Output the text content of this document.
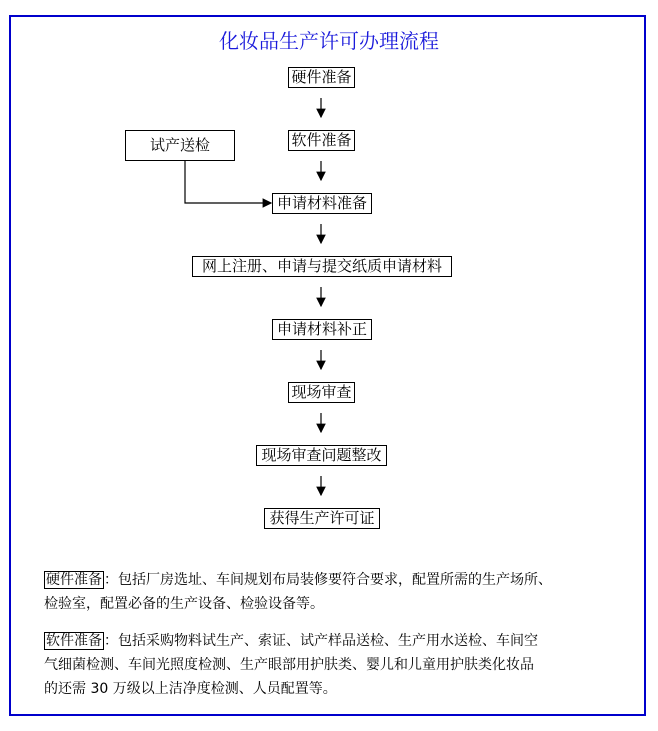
化妆品生产许可办理流程
硬件准备
软件准备
申请材料准备
网上注册、申请与提交纸质申请材料
申请材料补正
现场审查
现场审查问题整改
获得生产许可证
试产送检
硬件准备 ：包括厂房选址、车间规划布局装修要符合要求，配置所需的生产场所、
检验室，配置必备的生产设备、检验设备等。
软件准备 ：包括采购物料试生产、索证、试产样品送检、生产用水送检、车间空
气细菌检测、车间光照度检测、生产眼部用护肤类、婴儿和儿童用护肤类化妆品
的还需 30 万级以上洁净度检测、人员配置等。
